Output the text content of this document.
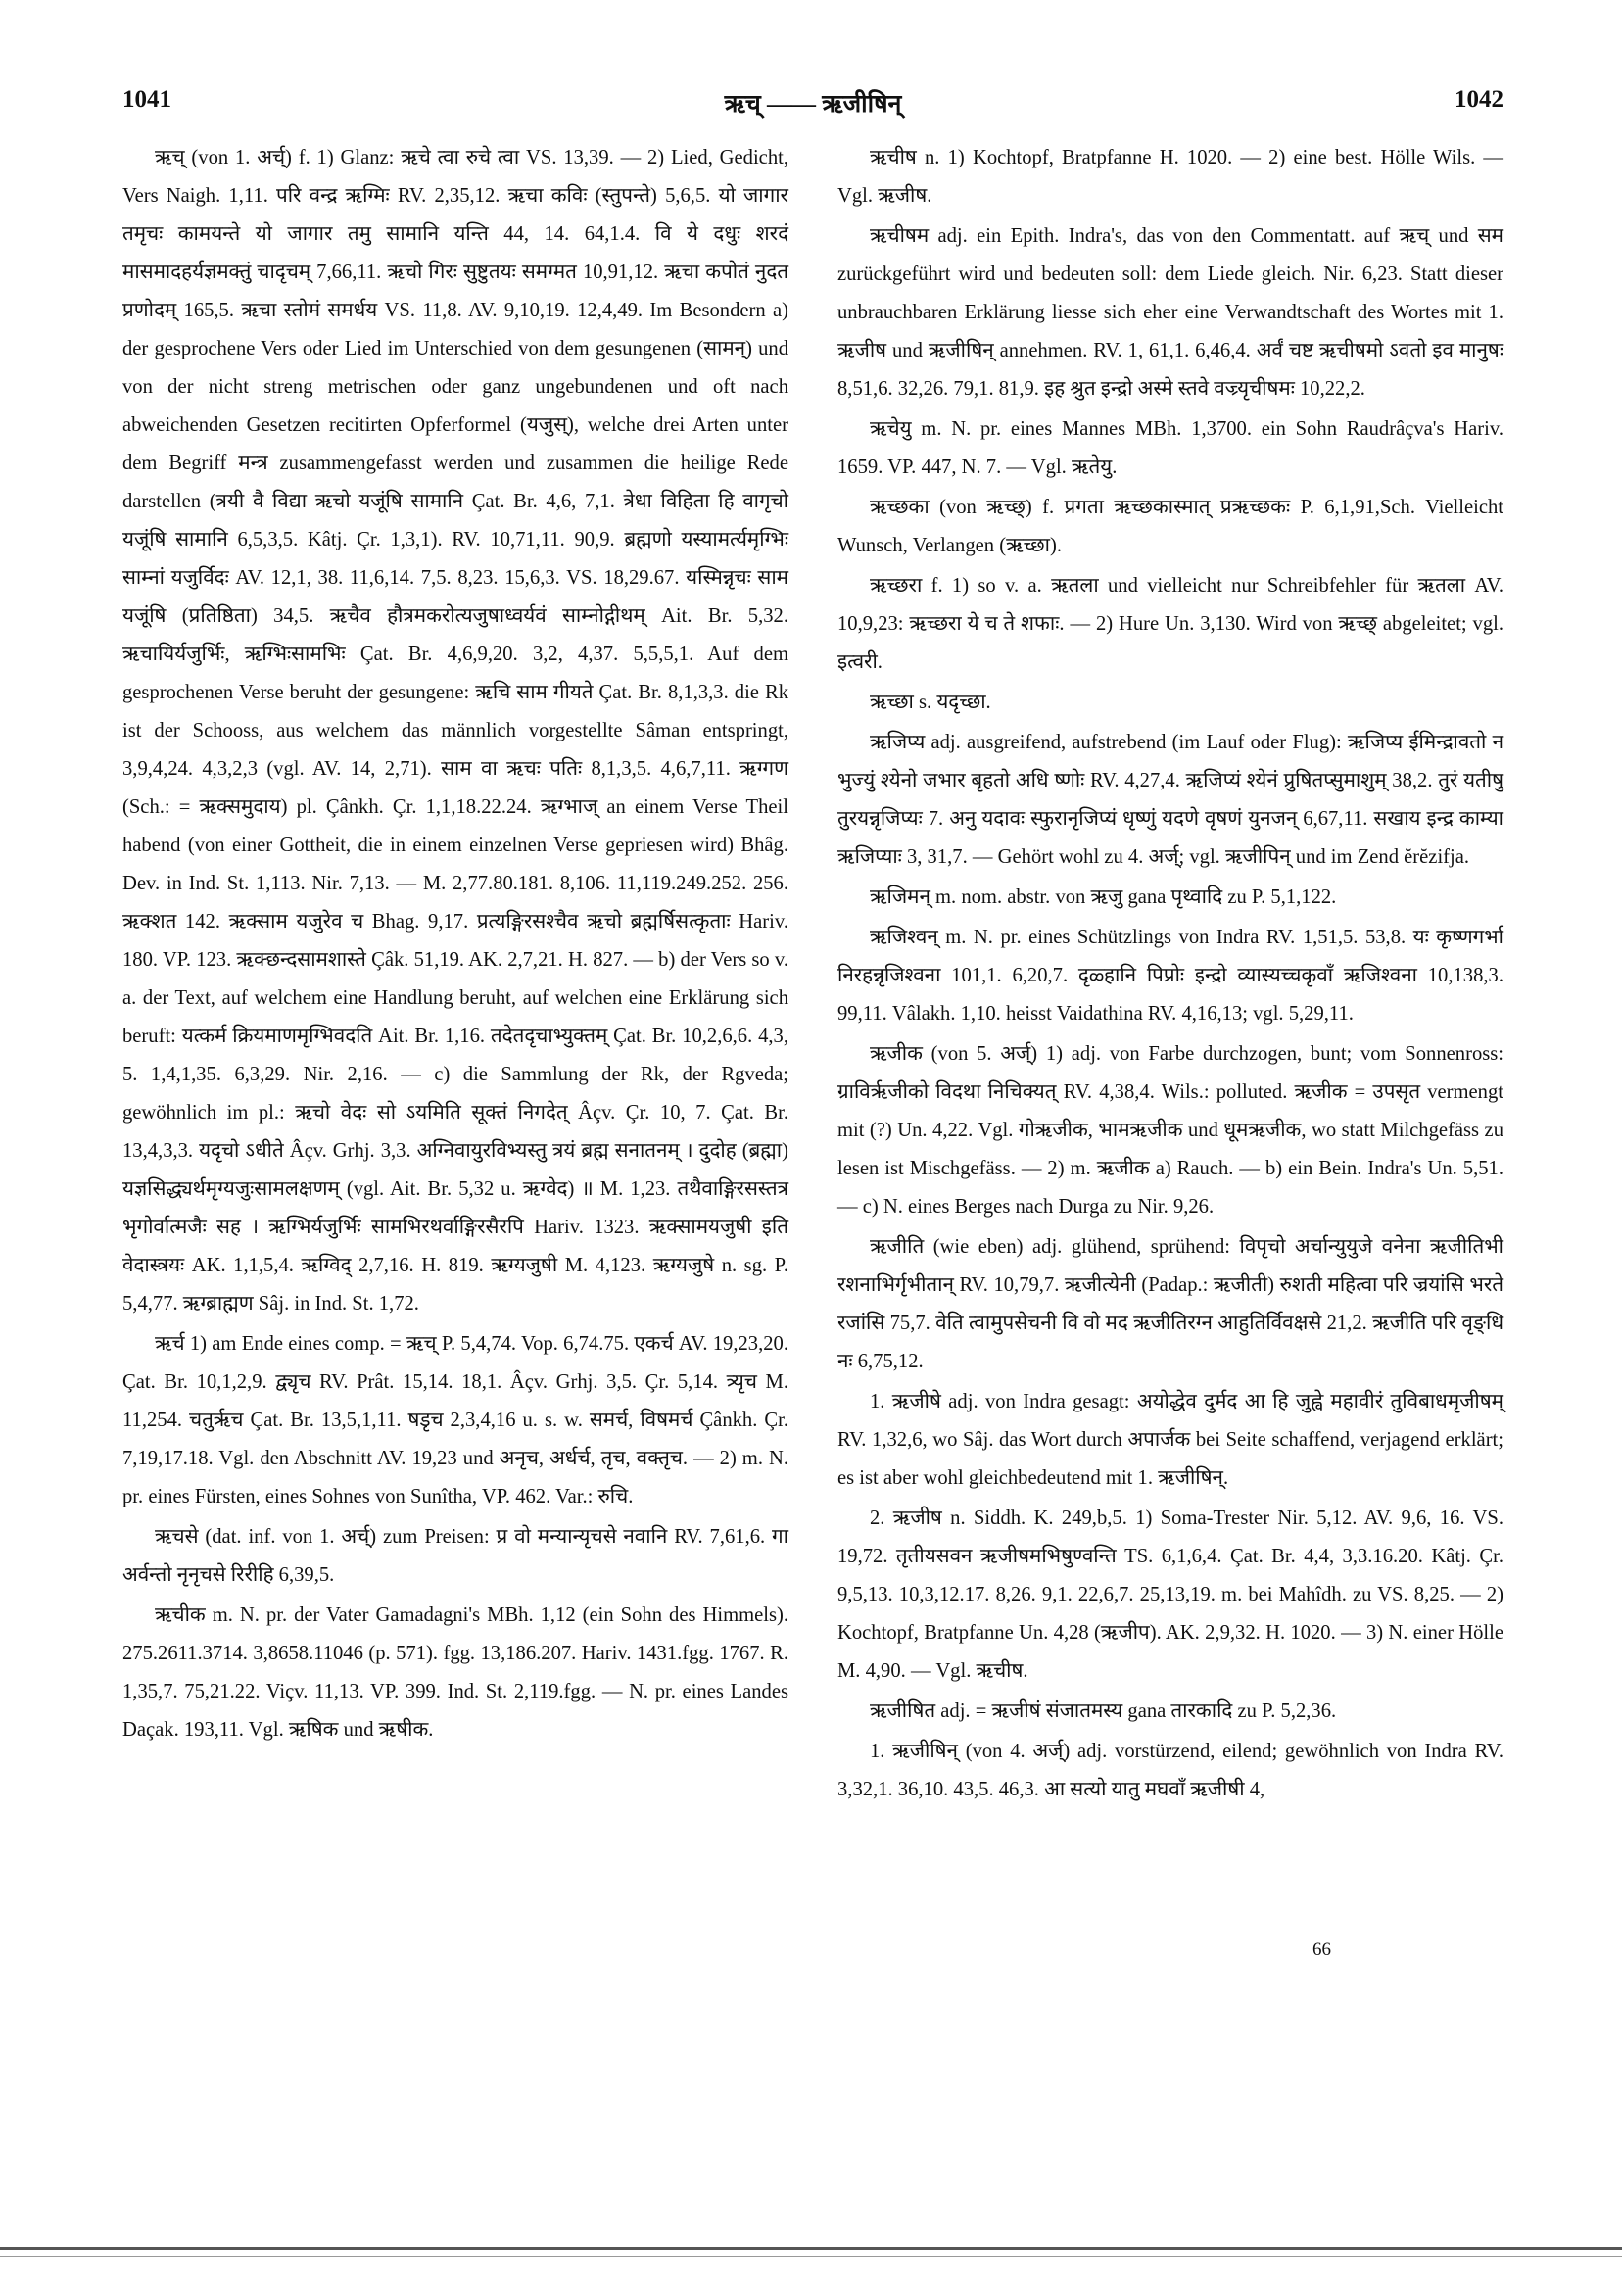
1041	ऋच् —— ऋजीषिन्	1042

ऋच् (von 1. अर्च्) f. 1) Glanz: ऋचे त्वा रुचे त्वा VS. 13,39. — 2) Lied, Gedicht, Vers Naigh. 1,11. परि वन्द्र ऋग्मिः RV. 2,35,12. ऋचा कविः (स्तुपन्ते) 5,6,5. यो जागार तमृचः कामयन्ते यो जागार तमु सामानि यन्ति 44, 14. 64,1.4. वि ये दधुः शरदं मासमादहर्यज्ञमक्तुं चादृचम् 7,66,11. ऋचो गिरः सुष्टुतयः समग्मत 10,91,12. ऋचा कपोतं नुदत प्रणोदम् 165,5. ऋचा स्तोमं समर्धय VS. 11,8. AV. 9,10,19. 12,4,49. Im Besondern a) der gesprochene Vers oder Lied im Unterschied von dem gesungenen (सामन्) und von der nicht streng metrischen oder ganz ungebundenen und oft nach abweichenden Gesetzen recitirten Opferformel (यजुस्), welche drei Arten unter dem Begriff मन्त्र zusammengefasst werden und zusammen die heilige Rede darstellen (त्रयी वै विद्या ऋचो यजूंषि सामानि Çat. Br. 4,6, 7,1. त्रेधा विहिता हि वागृचो यजूंषि सामानि 6,5,3,5. Kâtj. Çr. 1,3,1). RV. 10,71,11. 90,9. ब्रह्मणो यस्यामर्त्यमृग्भिः साम्नां यजुर्विदः AV. 12,1, 38. 11,6,14. 7,5. 8,23. 15,6,3. VS. 18,29.67. यस्मिन्नृचः साम यजूंषि (प्रतिष्ठिता) 34,5. ऋचैव हौत्रमकरोत्यजुषाध्वर्यवं साम्नोद्गीथम् Ait. Br. 5,32. ऋचायिर्यजुर्भिः, ऋग्भिःसामभिः Çat. Br. 4,6,9,20. 3,2, 4,37. 5,5,5,1. Auf dem gesprochenen Verse beruht der gesungene: ऋचि साम गीयते Çat. Br. 8,1,3,3. die Rk ist der Schooss, aus welchem das männlich vorgestellte Sâman entspringt, 3,9,4,24. 4,3,2,3 (vgl. AV. 14, 2,71). साम वा ऋचः पतिः 8,1,3,5. 4,6,7,11. ऋग्गण (Sch.: = ऋक्समुदाय) pl. Çânkh. Çr. 1,1,18.22.24. ऋग्भाज् an einem Verse Theil habend (von einer Gottheit, die in einem einzelnen Verse gepriesen wird) Bhâg. Dev. in Ind. St. 1,113. Nir. 7,13. — M. 2,77.80.181. 8,106. 11,119.249.252. 256. ऋक्शत 142. ऋक्साम यजुरेव च Bhag. 9,17. प्रत्यङ्गिरसश्चैव ऋचो ब्रह्मर्षिसत्कृताः Hariv. 180. VP. 123. ऋक्छन्दसामशास्ते Çâk. 51,19. AK. 2,7,21. H. 827. — b) der Vers so v. a. der Text, auf welchem eine Handlung beruht, auf welchen eine Erklärung sich beruft: यत्कर्म क्रियमाणमृग्भिवदति Ait. Br. 1,16. तदेतदृचाभ्युक्तम् Çat. Br. 10,2,6,6. 4,3, 5. 1,4,1,35. 6,3,29. Nir. 2,16. — c) die Sammlung der Rk, der Rgveda; gewöhnlich im pl.: ऋचो वेदः सो ऽयमिति सूक्तं निगदेत् Âçv. Çr. 10, 7. Çat. Br. 13,4,3,3. यदृचो ऽधीते Âçv. Grhj. 3,3. अग्निवायुरविभ्यस्तु त्रयं ब्रह्म सनातनम् । दुदोह (ब्रह्मा) यज्ञसिद्ध्यर्थमृग्यजुःसामलक्षणम् (vgl. Ait. Br. 5,32 u. ऋग्वेद) ॥ M. 1,23. तथैवाङ्गिरसस्तत्र भृगोर्वात्मजैः सह । ऋग्भिर्यजुर्भिः सामभिरथर्वाङ्गिरसैरपि Hariv. 1323. ऋक्सामयजुषी इति वेदास्त्रयः AK. 1,1,5,4. ऋग्विद् 2,7,16. H. 819. ऋग्यजुषी M. 4,123. ऋग्यजुषे n. sg. P. 5,4,77. ऋग्ब्राह्मण Sâj. in Ind. St. 1,72.

ऋर्च 1) am Ende eines comp. = ऋच् P. 5,4,74. Vop. 6,74.75. एकर्च AV. 19,23,20. Çat. Br. 10,1,2,9. द्व्यृच RV. Prât. 15,14. 18,1. Âçv. Grhj. 3,5. Çr. 5,14. त्र्यृच M. 11,254. चतुर्ऋच Çat. Br. 13,5,1,11. षडृच 2,3,4,16 u. s. w. समर्च, विषमर्च Çânkh. Çr. 7,19,17.18. Vgl. den Abschnitt AV. 19,23 und अनृच, अर्धर्च, तृच, वक्तृच. — 2) m. N. pr. eines Fürsten, eines Sohnes von Sunîtha, VP. 462. Var.: रुचि.

ऋचसे (dat. inf. von 1. अर्च्) zum Preisen: प्र वो मन्यान्यृचसे नवानि RV. 7,61,6. गा अर्वन्तो नृनृचसे रिरीहि 6,39,5.

ऋचीक m. N. pr. der Vater Gamadagni's MBh. 1,12 (ein Sohn des Himmels). 275.2611.3714. 3,8658.11046 (p. 571). fgg. 13,186.207. Hariv. 1431.fgg. 1767. R. 1,35,7. 75,21.22. Viçv. 11,13. VP. 399. Ind. St. 2,119.fgg. — N. pr. eines Landes Daçak. 193,11. Vgl. ऋषिक und ऋषीक.

ऋचीष n. 1) Kochtopf, Bratpfanne H. 1020. — 2) eine best. Hölle Wils. — Vgl. ऋजीष.

ऋचीषम adj. ein Epith. Indra's, das von den Commentatt. auf ऋच् und सम zurückgeführt wird und bedeuten soll: dem Liede gleich. Nir. 6,23. Statt dieser unbrauchbaren Erklärung liesse sich eher eine Verwandtschaft des Wortes mit 1. ऋजीष und ऋजीषिन् annehmen. RV. 1, 61,1. 6,46,4. अर्वं चष्ट ऋचीषमो ऽवतो इव मानुषः 8,51,6. 32,26. 79,1. 81,9. इह श्रुत इन्द्रो अस्मे स्तवे वज्र्यृचीषमः 10,22,2.

ऋचेयु m. N. pr. eines Mannes MBh. 1,3700. ein Sohn Raudrâçva's Hariv. 1659. VP. 447, N. 7. — Vgl. ऋतेयु.

ऋच्छका (von ऋच्छ्) f. प्रगता ऋच्छकास्मात् प्रऋच्छकः P. 6,1,91,Sch. Vielleicht Wunsch, Verlangen (ऋच्छा).

ऋच्छरा f. 1) so v. a. ऋतला und vielleicht nur Schreibfehler für ऋतला AV. 10,9,23: ऋच्छरा ये च ते शफाः. — 2) Hure Un. 3,130. Wird von ऋच्छ् abgeleitet; vgl. इत्वरी.

ऋच्छा s. यदृच्छा.

ऋजिप्य adj. ausgreifend, aufstrebend (im Lauf oder Flug): ऋजिप्य ईमिन्द्रावतो न भुज्युं श्येनो जभार बृहतो अधि ष्णोः RV. 4,27,4. ऋजिप्यं श्येनं प्रुषितप्सुमाशुम् 38,2. तुरं यतीषु तुरयन्नृजिप्यः 7. अनु यदावः स्फुरानृजिप्यं धृष्णुं यदणे वृषणं युनजन् 6,67,11. सखाय इन्द्र काम्या ऋजिप्याः 3, 31,7. — Gehört wohl zu 4. अर्ज्; vgl. ऋजीपिन् und im Zend ĕrĕzifja.

ऋजिमन् m. nom. abstr. von ऋजु gana पृथ्वादि zu P. 5,1,122.

ऋजिश्वन् m. N. pr. eines Schützlings von Indra RV. 1,51,5. 53,8. यः कृष्णगर्भा निरहन्नृजिश्वना 101,1. 6,20,7. दृळ्हानि पिप्रोः इन्द्रो व्यास्यच्चकृवाँ ऋजिश्वना 10,138,3. 99,11. Vâlakh. 1,10. heisst Vaidathina RV. 4,16,13; vgl. 5,29,11.

ऋजीक (von 5. अर्ज्) 1) adj. von Farbe durchzogen, bunt; vom Sonnenross: ग्राविर्ऋजीको विदथा निचिक्यत् RV. 4,38,4. Wils.: polluted. ऋजीक = उपसृत vermengt mit (?) Un. 4,22. Vgl. गोऋजीक, भामऋजीक und धूमऋजीक, wo statt Milchgefäss zu lesen ist Mischgefäss. — 2) m. ऋजीक a) Rauch. — b) ein Bein. Indra's Un. 5,51. — c) N. eines Berges nach Durga zu Nir. 9,26.

ऋजीति (wie eben) adj. glühend, sprühend: विपृचो अर्चान्युयुजे वनेना ऋजीतिभी रशनाभिर्गृभीतान् RV. 10,79,7. ऋजीत्येनी (Padap.: ऋजीती) रुशती महित्वा परि ज्रयांसि भरते रजांसि 75,7. वेति त्वामुपसेचनी वि वो मद ऋजीतिरग्न आहुतिर्विवक्षसे 21,2. ऋजीति परि वृङ्धि नः 6,75,12.

1. ऋजीषे adj. von Indra gesagt: अयोद्धेव दुर्मद आ हि जुह्वे महावीरं तुविबाधमृजीषम् RV. 1,32,6, wo Sâj. das Wort durch अपार्जक bei Seite schaffend, verjagend erklärt; es ist aber wohl gleichbedeutend mit 1. ऋजीषिन्.

2. ऋजीष n. Siddh. K. 249,b,5. 1) Soma-Trester Nir. 5,12. AV. 9,6, 16. VS. 19,72. तृतीयसवन ऋजीषमभिषुण्वन्ति TS. 6,1,6,4. Çat. Br. 4,4, 3,3.16.20. Kâtj. Çr. 9,5,13. 10,3,12.17. 8,26. 9,1. 22,6,7. 25,13,19. m. bei Mahîdh. zu VS. 8,25. — 2) Kochtopf, Bratpfanne Un. 4,28 (ऋजीप). AK. 2,9,32. H. 1020. — 3) N. einer Hölle M. 4,90. — Vgl. ऋचीष.

ऋजीषित adj. = ऋजीषं संजातमस्य gana तारकादि zu P. 5,2,36.

1. ऋजीषिन् (von 4. अर्ज्) adj. vorstürzend, eilend; gewöhnlich von Indra RV. 3,32,1. 36,10. 43,5. 46,3. आ सत्यो यातु मघवाँ ऋजीषी 4,

66
